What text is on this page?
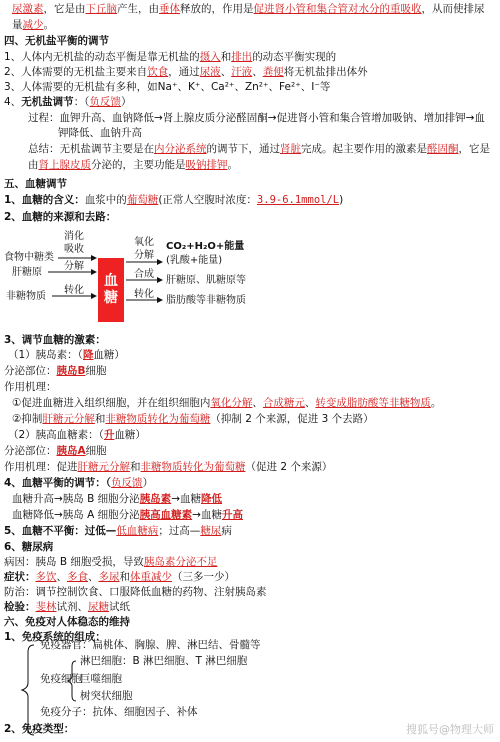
尿激素，它是由下丘脑产生，由垂体释放的，作用是促进肾小管和集合管对水分的重吸收，从而使排尿
量减少。
四、无机盐平衡的调节
1、人体内无机盐的动态平衡是靠无机盐的摄入和排出的动态平衡实现的
2、人体需要的无机盐主要来自饮食，通过尿液、汗液、粪便将无机盐排出体外
3、人体需要的无机盐有多种，如Na⁺、K⁺、Ca²⁺、Zn²⁺、Fe²⁺、I⁻等
4、无机盐调节：（负反馈）
过程：血钾升高、血钠降低→肾上腺皮质分泌醛固酮→促进肾小管和集合管增加吸钠、增加排钾→血
钾降低、血钠升高
总结：无机盐调节主要是在内分泌系统的调节下，通过肾脏完成。起主要作用的激素是醛固酮，它是
由肾上腺皮质分泌的，主要功能是吸钠排钾。
五、血糖调节
1、血糖的含义：血浆中的葡萄糖(正常人空腹时浓度：3.9-6.1mmol/L)
2、血糖的来源和去路：
食物中糖类
肝糖原
非糖物质
消化
吸收
分解
转化
血
糖
氧化
分解
合成
转化
CO₂+H₂O+能量
(乳酸+能量)
肝糖原、肌糖原等
脂肪酸等非糖物质
3、调节血糖的激素：
（1）胰岛素：（降血糖）
分泌部位：胰岛B细胞
作用机理：
①促进血糖进入组织细胞，并在组织细胞内氧化分解、合成糖元、转变成脂肪酸等非糖物质。
②抑制肝糖元分解和非糖物质转化为葡萄糖（抑制 2 个来源，促进 3 个去路）
（2）胰高血糖素：（升血糖）
分泌部位：胰岛A细胞
作用机理：促进肝糖元分解和非糖物质转化为葡萄糖（促进 2 个来源）
4、血糖平衡的调节：（负反馈）
血糖升高→胰岛 B 细胞分泌胰岛素→血糖降低
血糖降低→胰岛 A 细胞分泌胰高血糖素→血糖升高
5、血糖不平衡：过低—低血糖病；过高—糖尿病
6、糖尿病
病因：胰岛 B 细胞受损，导致胰岛素分泌不足
症状：多饮、多食、多尿和体重减少（三多一少）
防治：调节控制饮食、口服降低血糖的药物、注射胰岛素
检验：斐林试剂、尿糖试纸
六、免疫对人体稳态的维持
1、免疫系统的组成：
免疫器官：扁桃体、胸腺、脾、淋巴结、骨髓等
淋巴细胞：B 淋巴细胞、T 淋巴细胞
免疫细胞
巨噬细胞
树突状细胞
免疫分子：抗体、细胞因子、补体
2、免疫类型：	搜狐号@物理大师
